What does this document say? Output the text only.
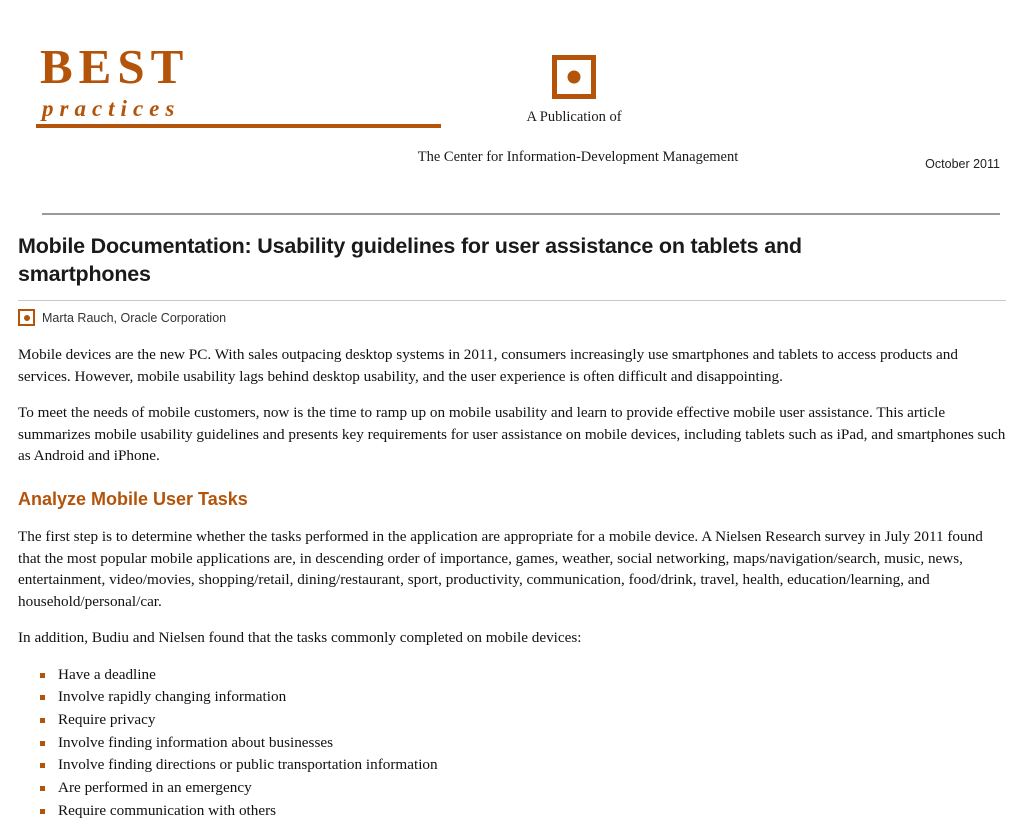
BEST
practices	A Publication of
The Center for Information-Development Management	October 2011
Mobile Documentation: Usability guidelines for user assistance on tablets and smartphones
Marta Rauch, Oracle Corporation

Mobile devices are the new PC. With sales outpacing desktop systems in 2011, consumers increasingly use smartphones and tablets to access products and services. However, mobile usability lags behind desktop usability, and the user experience is often difficult and disappointing.

To meet the needs of mobile customers, now is the time to ramp up on mobile usability and learn to provide effective mobile user assistance. This article summarizes mobile usability guidelines and presents key requirements for user assistance on mobile devices, including tablets such as iPad, and smartphones such as Android and iPhone.

Analyze Mobile User Tasks

The first step is to determine whether the tasks performed in the application are appropriate for a mobile device. A Nielsen Research survey in July 2011 found that the most popular mobile applications are, in descending order of importance, games, weather, social networking, maps/navigation/search, music, news, entertainment, video/movies, shopping/retail, dining/restaurant, sport, productivity, communication, food/drink, travel, health, education/learning, and household/personal/car.

In addition, Budiu and Nielsen found that the tasks commonly completed on mobile devices:

Have a deadline
Involve rapidly changing information
Require privacy
Involve finding information about businesses
Involve finding directions or public transportation information
Are performed in an emergency
Require communication with others
